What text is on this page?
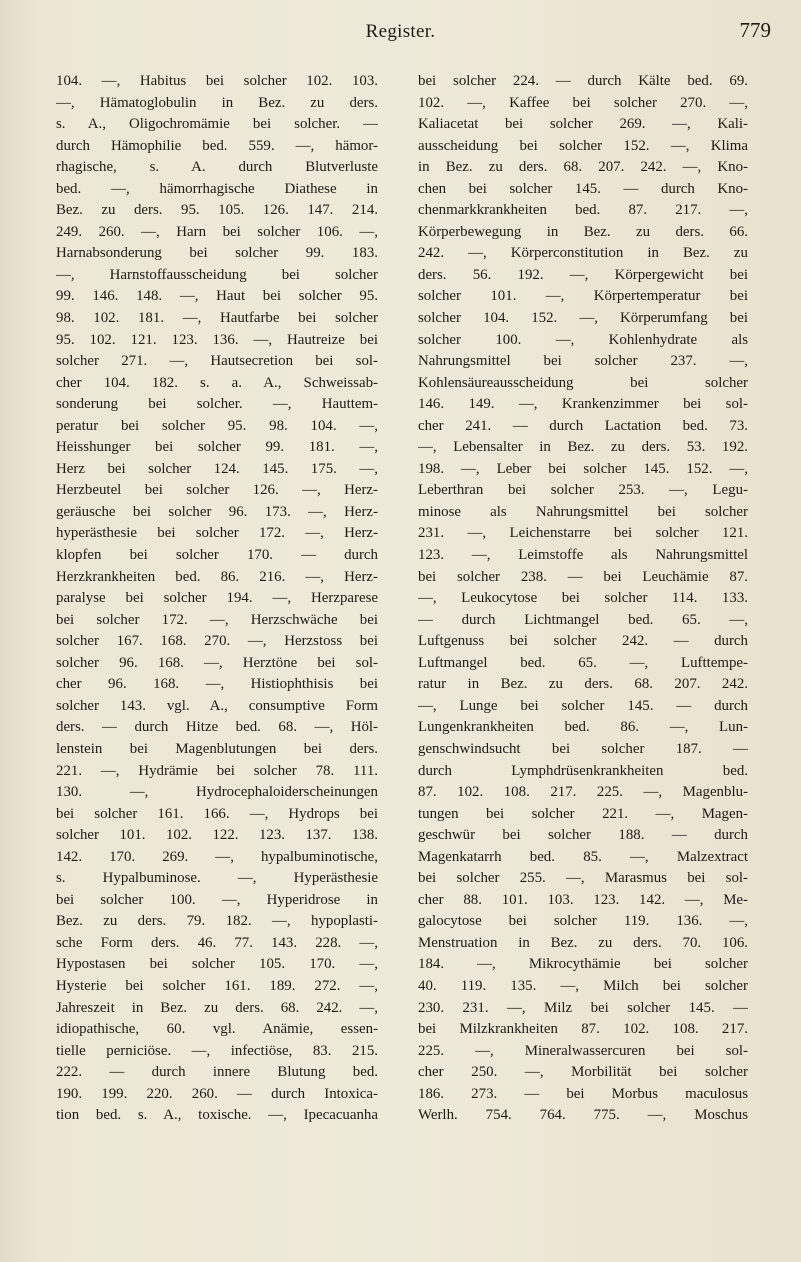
Register.	779
104. —, Habitus bei solcher 102. 103.
—, Hämatoglobulin in Bez. zu ders.
s. A., Oligochromämie bei solcher. —
durch Hämophilie bed. 559. —, hämor-
rhagische, s. A. durch Blutverluste
bed. —, hämorrhagische Diathese in
Bez. zu ders. 95. 105. 126. 147. 214.
249. 260. —, Harn bei solcher 106. —,
Harnabsonderung bei solcher 99. 183.
—, Harnstoffausscheidung bei solcher
99. 146. 148. —, Haut bei solcher 95.
98. 102. 181. —, Hautfarbe bei solcher
95. 102. 121. 123. 136. —, Hautreize bei
solcher 271. —, Hautsecretion bei sol-
cher 104. 182. s. a. A., Schweissab-
sonderung bei solcher. —, Hauttem-
peratur bei solcher 95. 98. 104. —,
Heisshunger bei solcher 99. 181. —,
Herz bei solcher 124. 145. 175. —,
Herzbeutel bei solcher 126. —, Herz-
geräusche bei solcher 96. 173. —, Herz-
hyperästhesie bei solcher 172. —, Herz-
klopfen bei solcher 170. — durch
Herzkrankheiten bed. 86. 216. —, Herz-
paralyse bei solcher 194. —, Herzparese
bei solcher 172. —, Herzschwäche bei
solcher 167. 168. 270. —, Herzstoss bei
solcher 96. 168. —, Herztöne bei sol-
cher 96. 168. —, Histiophthisis bei
solcher 143. vgl. A., consumptive Form
ders. — durch Hitze bed. 68. —, Höl-
lenstein bei Magenblutungen bei ders.
221. —, Hydrämie bei solcher 78. 111.
130. —, Hydrocephaloiderscheinungen
bei solcher 161. 166. —, Hydrops bei
solcher 101. 102. 122. 123. 137. 138.
142. 170. 269. —, hypalbuminotische,
s. Hypalbuminose. —, Hyperästhesie
bei solcher 100. —, Hyperidrose in
Bez. zu ders. 79. 182. —, hypoplasti-
sche Form ders. 46. 77. 143. 228. —,
Hypostasen bei solcher 105. 170. —,
Hysterie bei solcher 161. 189. 272. —,
Jahreszeit in Bez. zu ders. 68. 242. —,
idiopathische, 60. vgl. Anämie, essen-
tielle perniciöse. —, infectiöse, 83. 215.
222. — durch innere Blutung bed.
190. 199. 220. 260. — durch Intoxica-
tion bed. s. A., toxische. —, Ipecacuanha
bei solcher 224. — durch Kälte bed. 69.
102. —, Kaffee bei solcher 270. —,
Kaliacetat bei solcher 269. —, Kali-
ausscheidung bei solcher 152. —, Klima
in Bez. zu ders. 68. 207. 242. —, Kno-
chen bei solcher 145. — durch Kno-
chenmarkkrankheiten bed. 87. 217. —,
Körperbewegung in Bez. zu ders. 66.
242. —, Körperconstitution in Bez. zu
ders. 56. 192. —, Körpergewicht bei
solcher 101. —, Körpertemperatur bei
solcher 104. 152. —, Körperumfang bei
solcher 100. —, Kohlenhydrate als
Nahrungsmittel bei solcher 237. —,
Kohlensäureausscheidung bei solcher
146. 149. —, Krankenzimmer bei sol-
cher 241. — durch Lactation bed. 73.
—, Lebensalter in Bez. zu ders. 53. 192.
198. —, Leber bei solcher 145. 152. —,
Leberthran bei solcher 253. —, Legu-
minose als Nahrungsmittel bei solcher
231. —, Leichenstarre bei solcher 121.
123. —, Leimstoffe als Nahrungsmittel
bei solcher 238. — bei Leuchämie 87.
—, Leukocytose bei solcher 114. 133.
— durch Lichtmangel bed. 65. —,
Luftgenuss bei solcher 242. — durch
Luftmangel bed. 65. —, Lufttempe-
ratur in Bez. zu ders. 68. 207. 242.
—, Lunge bei solcher 145. — durch
Lungenkrankheiten bed. 86. —, Lun-
genschwindsucht bei solcher 187. —
durch Lymphdrüsenkrankheiten bed.
87. 102. 108. 217. 225. —, Magenblu-
tungen bei solcher 221. —, Magen-
geschwür bei solcher 188. — durch
Magenkatarrh bed. 85. —, Malzextract
bei solcher 255. —, Marasmus bei sol-
cher 88. 101. 103. 123. 142. —, Me-
galocytose bei solcher 119. 136. —,
Menstruation in Bez. zu ders. 70. 106.
184. —, Mikrocythämie bei solcher
40. 119. 135. —, Milch bei solcher
230. 231. —, Milz bei solcher 145. —
bei Milzkrankheiten 87. 102. 108. 217.
225. —, Mineralwassercuren bei sol-
cher 250. —, Morbilität bei solcher
186. 273. — bei Morbus maculosus
Werlh. 754. 764. 775. —, Moschus
